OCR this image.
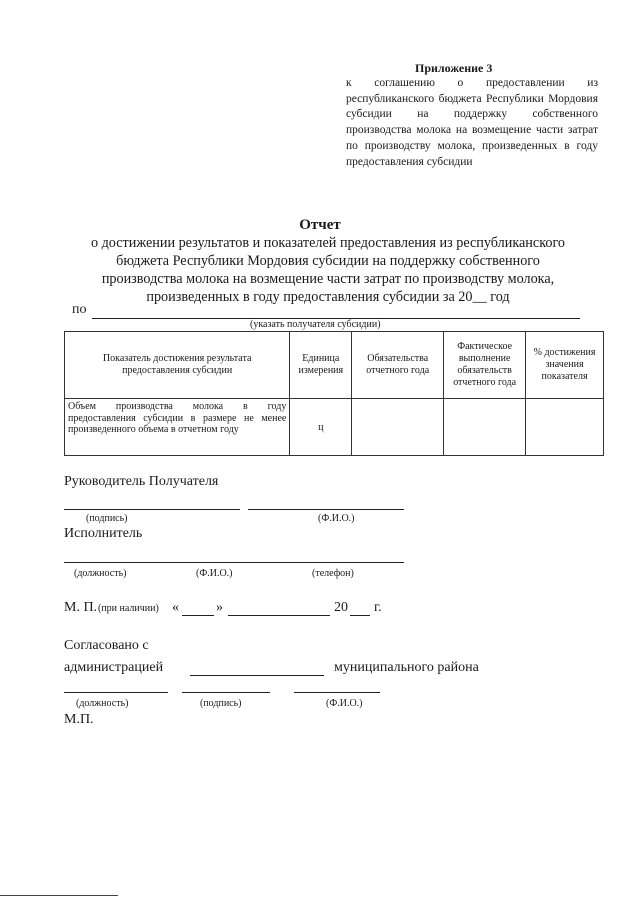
Приложение 3
к соглашению о предоставлении из республиканского бюджета Республики Мордовия субсидии на поддержку собственного производства молока на возмещение части затрат по производству молока, произведенных в году предоставления субсидии
Отчет
о достижении результатов и показателей предоставления из республиканского
бюджета Республики Мордовия субсидии на поддержку собственного
производства молока на возмещение части затрат по производству молока,
произведенных в году предоставления субсидии за 20__ год
по
(указать получателя субсидии)
Показатель достижения результата предоставления субсидии	Единица измерения	Обязательства отчетного года	Фактическое выполнение обязательств отчетного года	% достижения значения показателя
Объем производства молока в году предоставления субсидии в размере не менее произведенного объема в отчетном году	ц			
Руководитель Получателя
(подпись)	(Ф.И.О.)
Исполнитель
(должность)	(Ф.И.О.)	(телефон)
М. П. (при наличии) «	»	20 г.
Согласовано с
администрацией	муниципального района
(должность)	(подпись)	(Ф.И.О.)
М.П.
